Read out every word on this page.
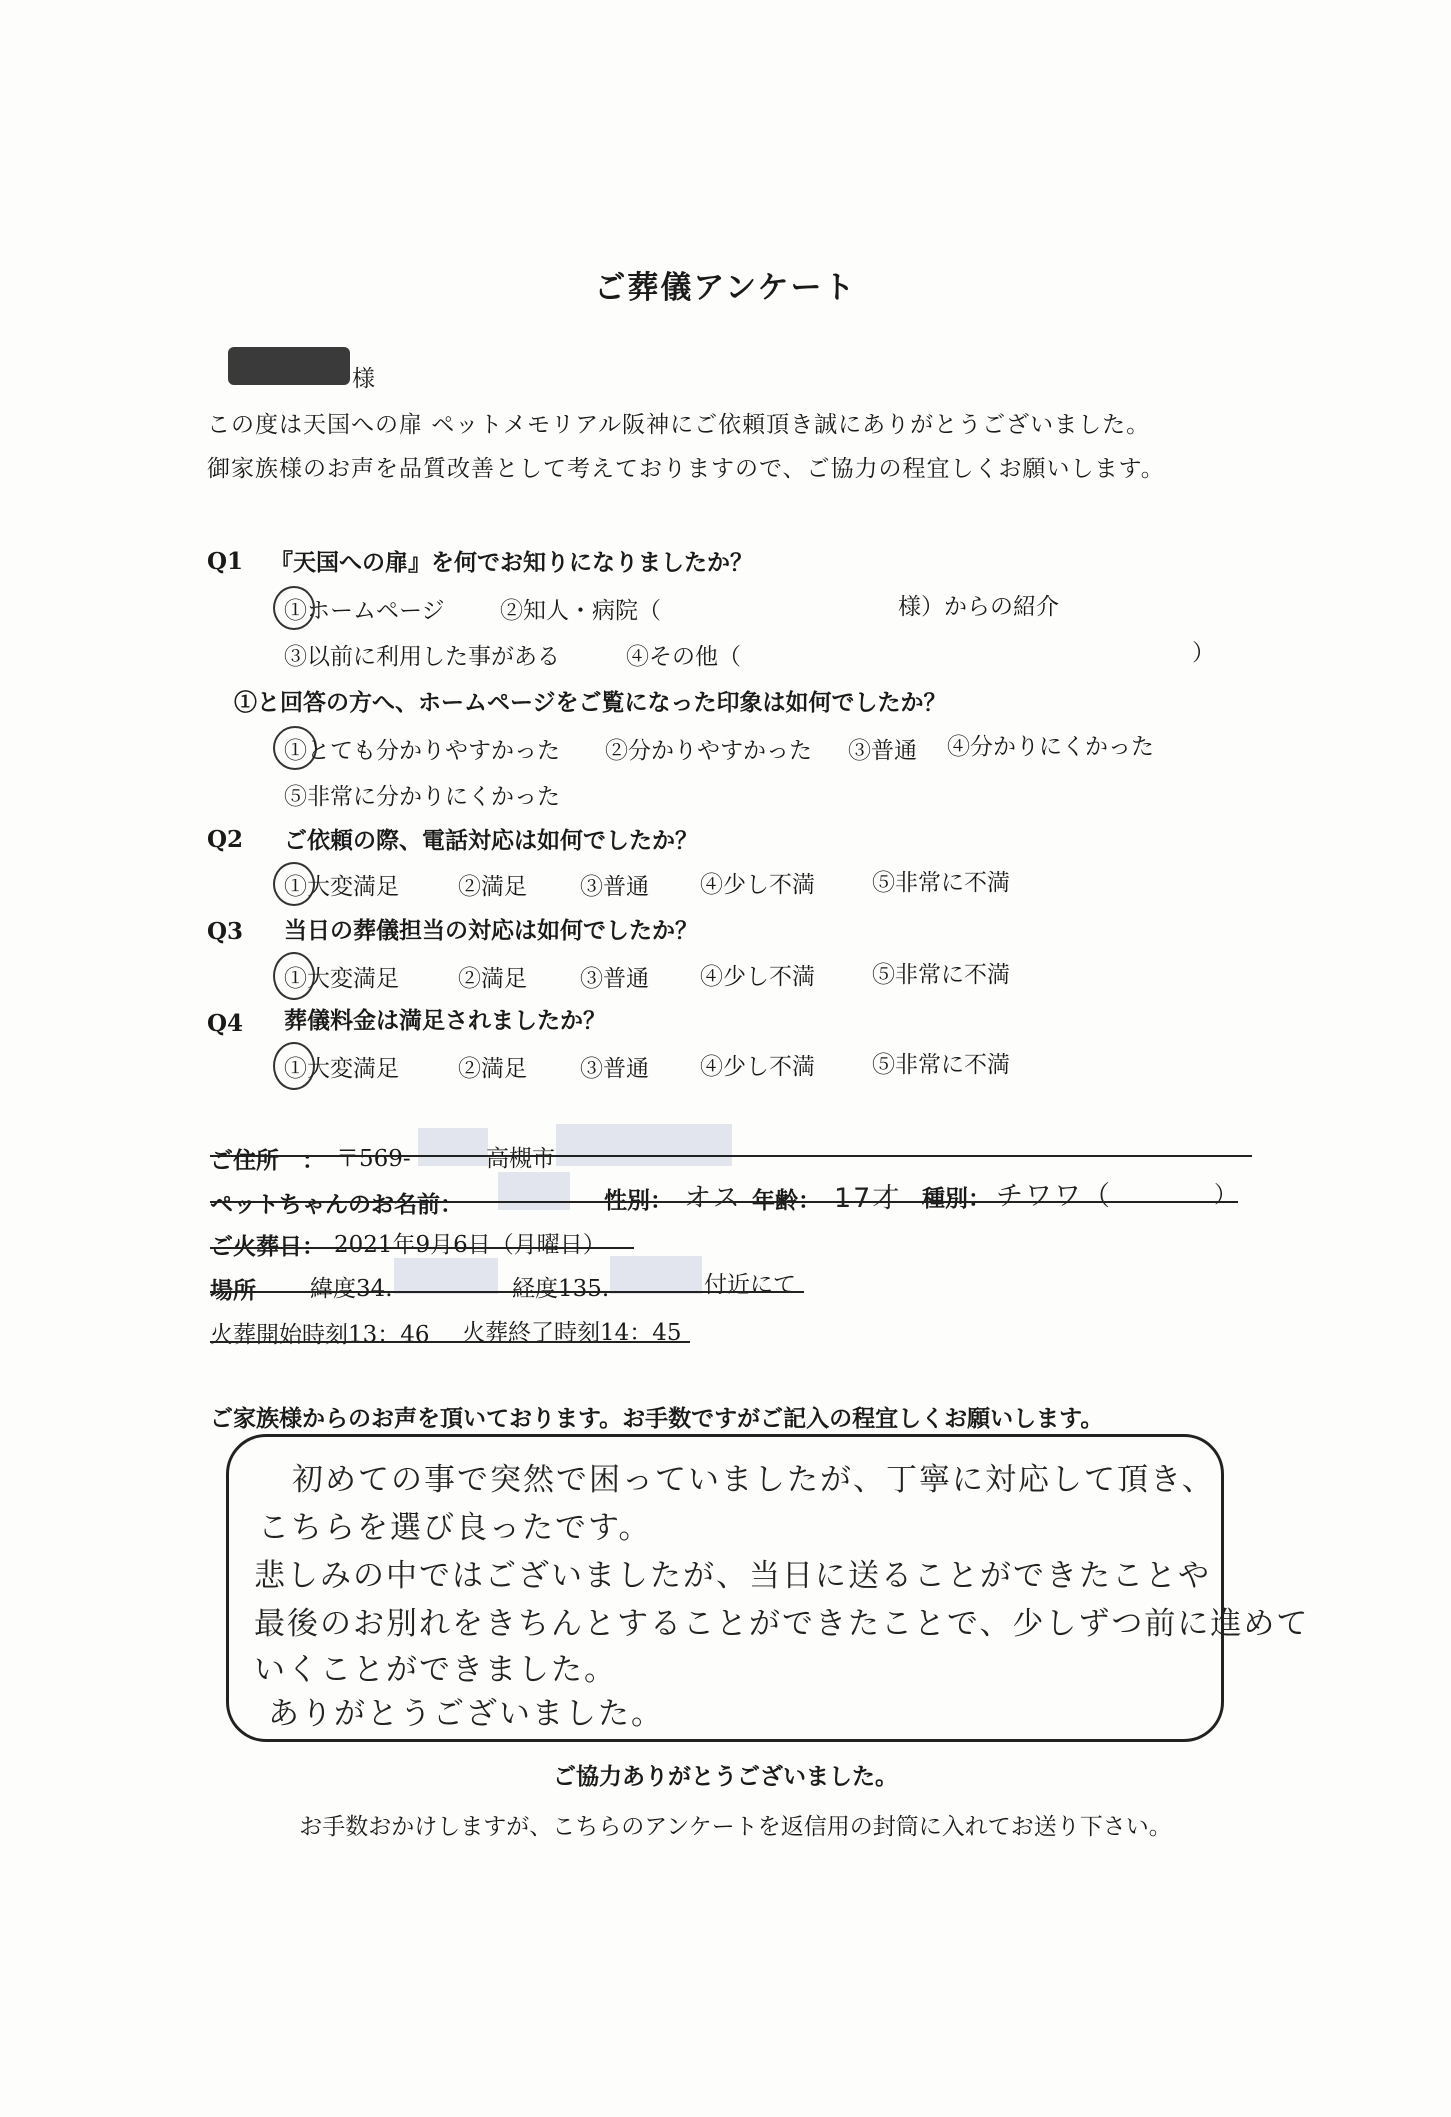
ご葬儀アンケート
様
この度は天国への扉 ペットメモリアル阪神にご依頼頂き誠にありがとうございました。
御家族様のお声を品質改善として考えておりますので、ご協力の程宜しくお願いします。
Q1 『天国への扉』を何でお知りになりましたか？
①ホームページ ②知人・病院（	様）からの紹介
③以前に利用した事がある	④その他（	）
①と回答の方へ、ホームページをご覧になった印象は如何でしたか？
①とても分かりやすかった ②分かりやすかった ③普通 ④分かりにくかった
⑤非常に分かりにくかった
Q2 ご依頼の際、電話対応は如何でしたか？
①大変満足	②満足 ③普通 ④少し不満 ⑤非常に不満
Q3 当日の葬儀担当の対応は如何でしたか？
①大変満足	②満足 ③普通 ④少し不満 ⑤非常に不満
Q4 葬儀料金は満足されましたか？
①大変満足	②満足 ③普通 ④少し不満 ⑤非常に不満
ご住所　： 〒569-	高槻市
ペットちゃんのお名前：	性別： オス 年齢： 17才 種別： チワワ（	）
ご火葬日： 2021年9月6日（月曜日）
場所 緯度34.	経度135.	付近にて
火葬開始時刻13：46 火葬終了時刻14：45
ご家族様からのお声を頂いております。お手数ですがご記入の程宜しくお願いします。
初めての事で突然で困っていましたが、丁寧に対応して頂き、
こちらを選び良ったです。
悲しみの中ではございましたが、当日に送ることができたことや
最後のお別れをきちんとすることができたことで、少しずつ前に進めて
いくことができました。
ありがとうございました。
ご協力ありがとうございました。
お手数おかけしますが、こちらのアンケートを返信用の封筒に入れてお送り下さい。
